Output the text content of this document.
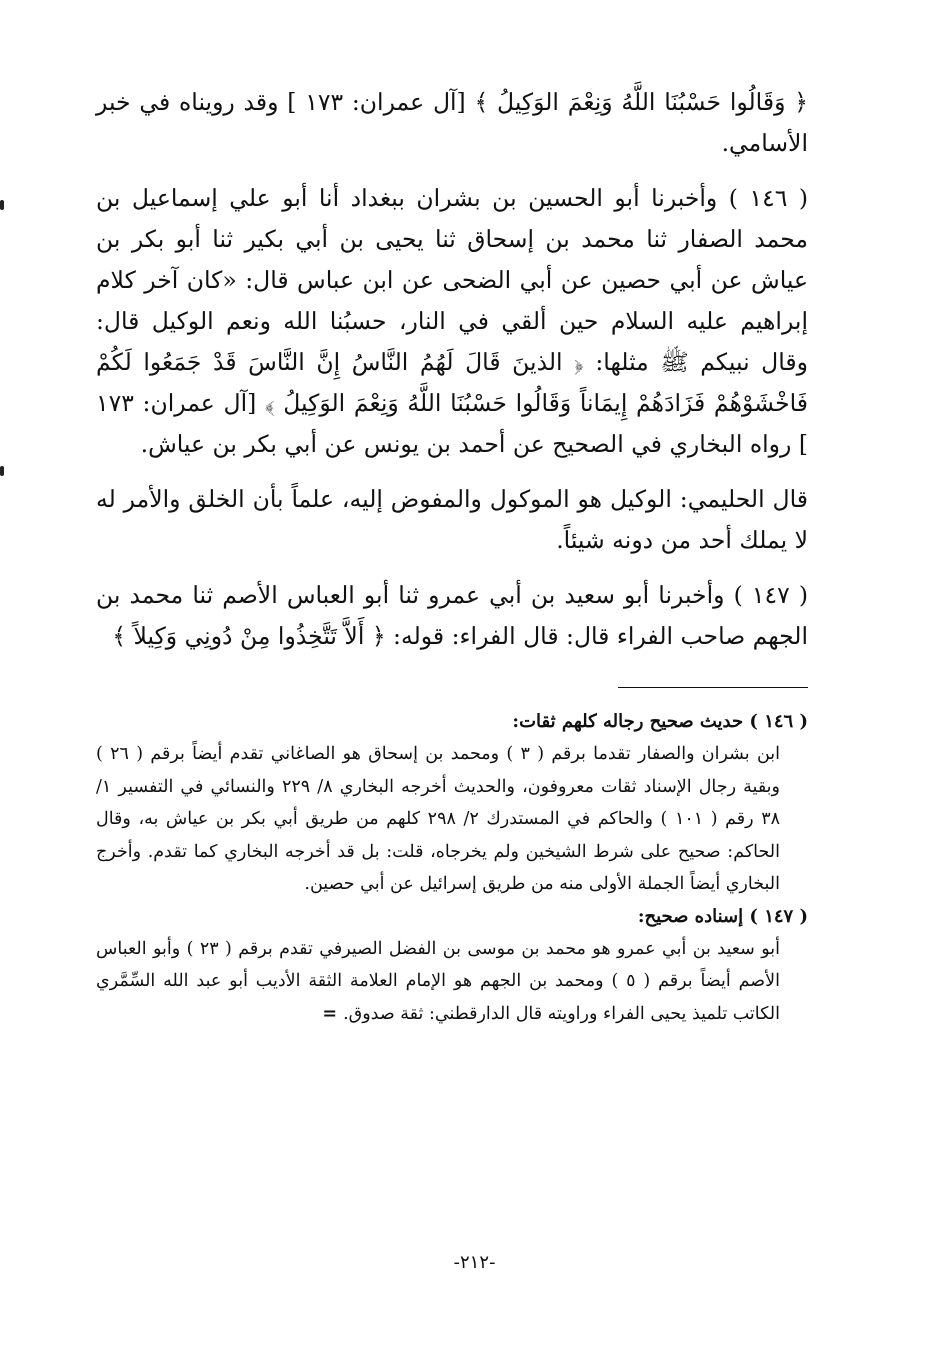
﴿ وَقَالُوا حَسْبُنَا اللَّهُ وَنِعْمَ الوَكِيلُ ﴾ [آل عمران: ١٧٣ ] وقد رويناه في خبر الأسامي.

( ١٤٦ ) وأخبرنا أبو الحسين بن بشران ببغداد أنا أبو علي إسماعيل بن محمد الصفار ثنا محمد بن إسحاق ثنا يحيى بن أبي بكير ثنا أبو بكر بن عياش عن أبي حصين عن أبي الضحى عن ابن عباس قال: «كان آخر كلام إبراهيم عليه السلام حين ألقي في النار، حسبُنا الله ونعم الوكيل قال: وقال نبيكم ﷺ مثلها: ﴿ الذينَ قَالَ لَهُمُ النَّاسُ إِنَّ النَّاسَ قَدْ جَمَعُوا لَكُمْ فَاخْشَوْهُمْ فَزَادَهُمْ إِيمَاناً وَقَالُوا حَسْبُنَا اللَّهُ وَنِعْمَ الوَكِيلُ ﴾ [آل عمران: ١٧٣ ] رواه البخاري في الصحيح عن أحمد بن يونس عن أبي بكر بن عياش.

قال الحليمي: الوكيل هو الموكول والمفوض إليه، علماً بأن الخلق والأمر له لا يملك أحد من دونه شيئاً.

( ١٤٧ ) وأخبرنا أبو سعيد بن أبي عمرو ثنا أبو العباس الأصم ثنا محمد بن الجهم صاحب الفراء قال: قال الفراء: قوله: ﴿ أَلاَّ تَتَّخِذُوا مِنْ دُونِي وَكِيلاً ﴾

( ١٤٦ ) حديث صحيح رجاله كلهم ثقات:

ابن بشران والصفار تقدما برقم ( ٣ ) ومحمد بن إسحاق هو الصاغاني تقدم أيضاً برقم ( ٢٦ ) وبقية رجال الإسناد ثقات معروفون، والحديث أخرجه البخاري ٨/ ٢٢٩ والنسائي في التفسير ١/ ٣٨ رقم ( ١٠١ ) والحاكم في المستدرك ٢/ ٢٩٨ كلهم من طريق أبي بكر بن عياش به، وقال الحاكم: صحيح على شرط الشيخين ولم يخرجاه، قلت: بل قد أخرجه البخاري كما تقدم. وأخرج البخاري أيضاً الجملة الأولى منه من طريق إسرائيل عن أبي حصين.

( ١٤٧ ) إسناده صحيح:

أبو سعيد بن أبي عمرو هو محمد بن موسى بن الفضل الصيرفي تقدم برقم ( ٢٣ ) وأبو العباس الأصم أيضاً برقم ( ٥ ) ومحمد بن الجهم هو الإمام العلامة الثقة الأديب أبو عبد الله السِّمَّري الكاتب تلميذ يحيى الفراء وراويته قال الدارقطني: ثقة صدوق.=

-٢١٢-
